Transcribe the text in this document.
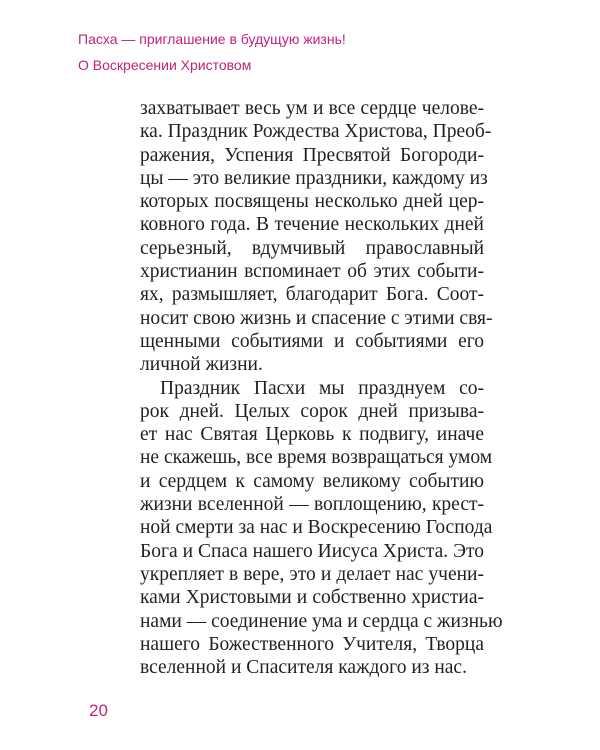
Пасха — приглашение в будущую жизнь!
О Воскресении Христовом
захватывает весь ум и все сердце челове-
ка. Праздник Рождества Христова, Преоб-
ражения, Успения Пресвятой Богороди-
цы — это великие праздники, каждому из
которых посвящены несколько дней цер-
ковного года. В течение нескольких дней
серьезный, вдумчивый православный
христианин вспоминает об этих событи-
ях, размышляет, благодарит Бога. Соот-
носит свою жизнь и спасение с этими свя-
щенными событиями и событиями его
личной жизни.
Праздник Пасхи мы празднуем со-
рок дней. Целых сорок дней призыва-
ет нас Святая Церковь к подвигу, иначе
не скажешь, все время возвращаться умом
и сердцем к самому великому событию
жизни вселенной — воплощению, крест-
ной смерти за нас и Воскресению Господа
Бога и Спаса нашего Иисуса Христа. Это
укрепляет в вере, это и делает нас учени-
ками Христовыми и собственно христиа-
нами — соединение ума и сердца с жизнью
нашего Божественного Учителя, Творца
вселенной и Спасителя каждого из нас.
20
